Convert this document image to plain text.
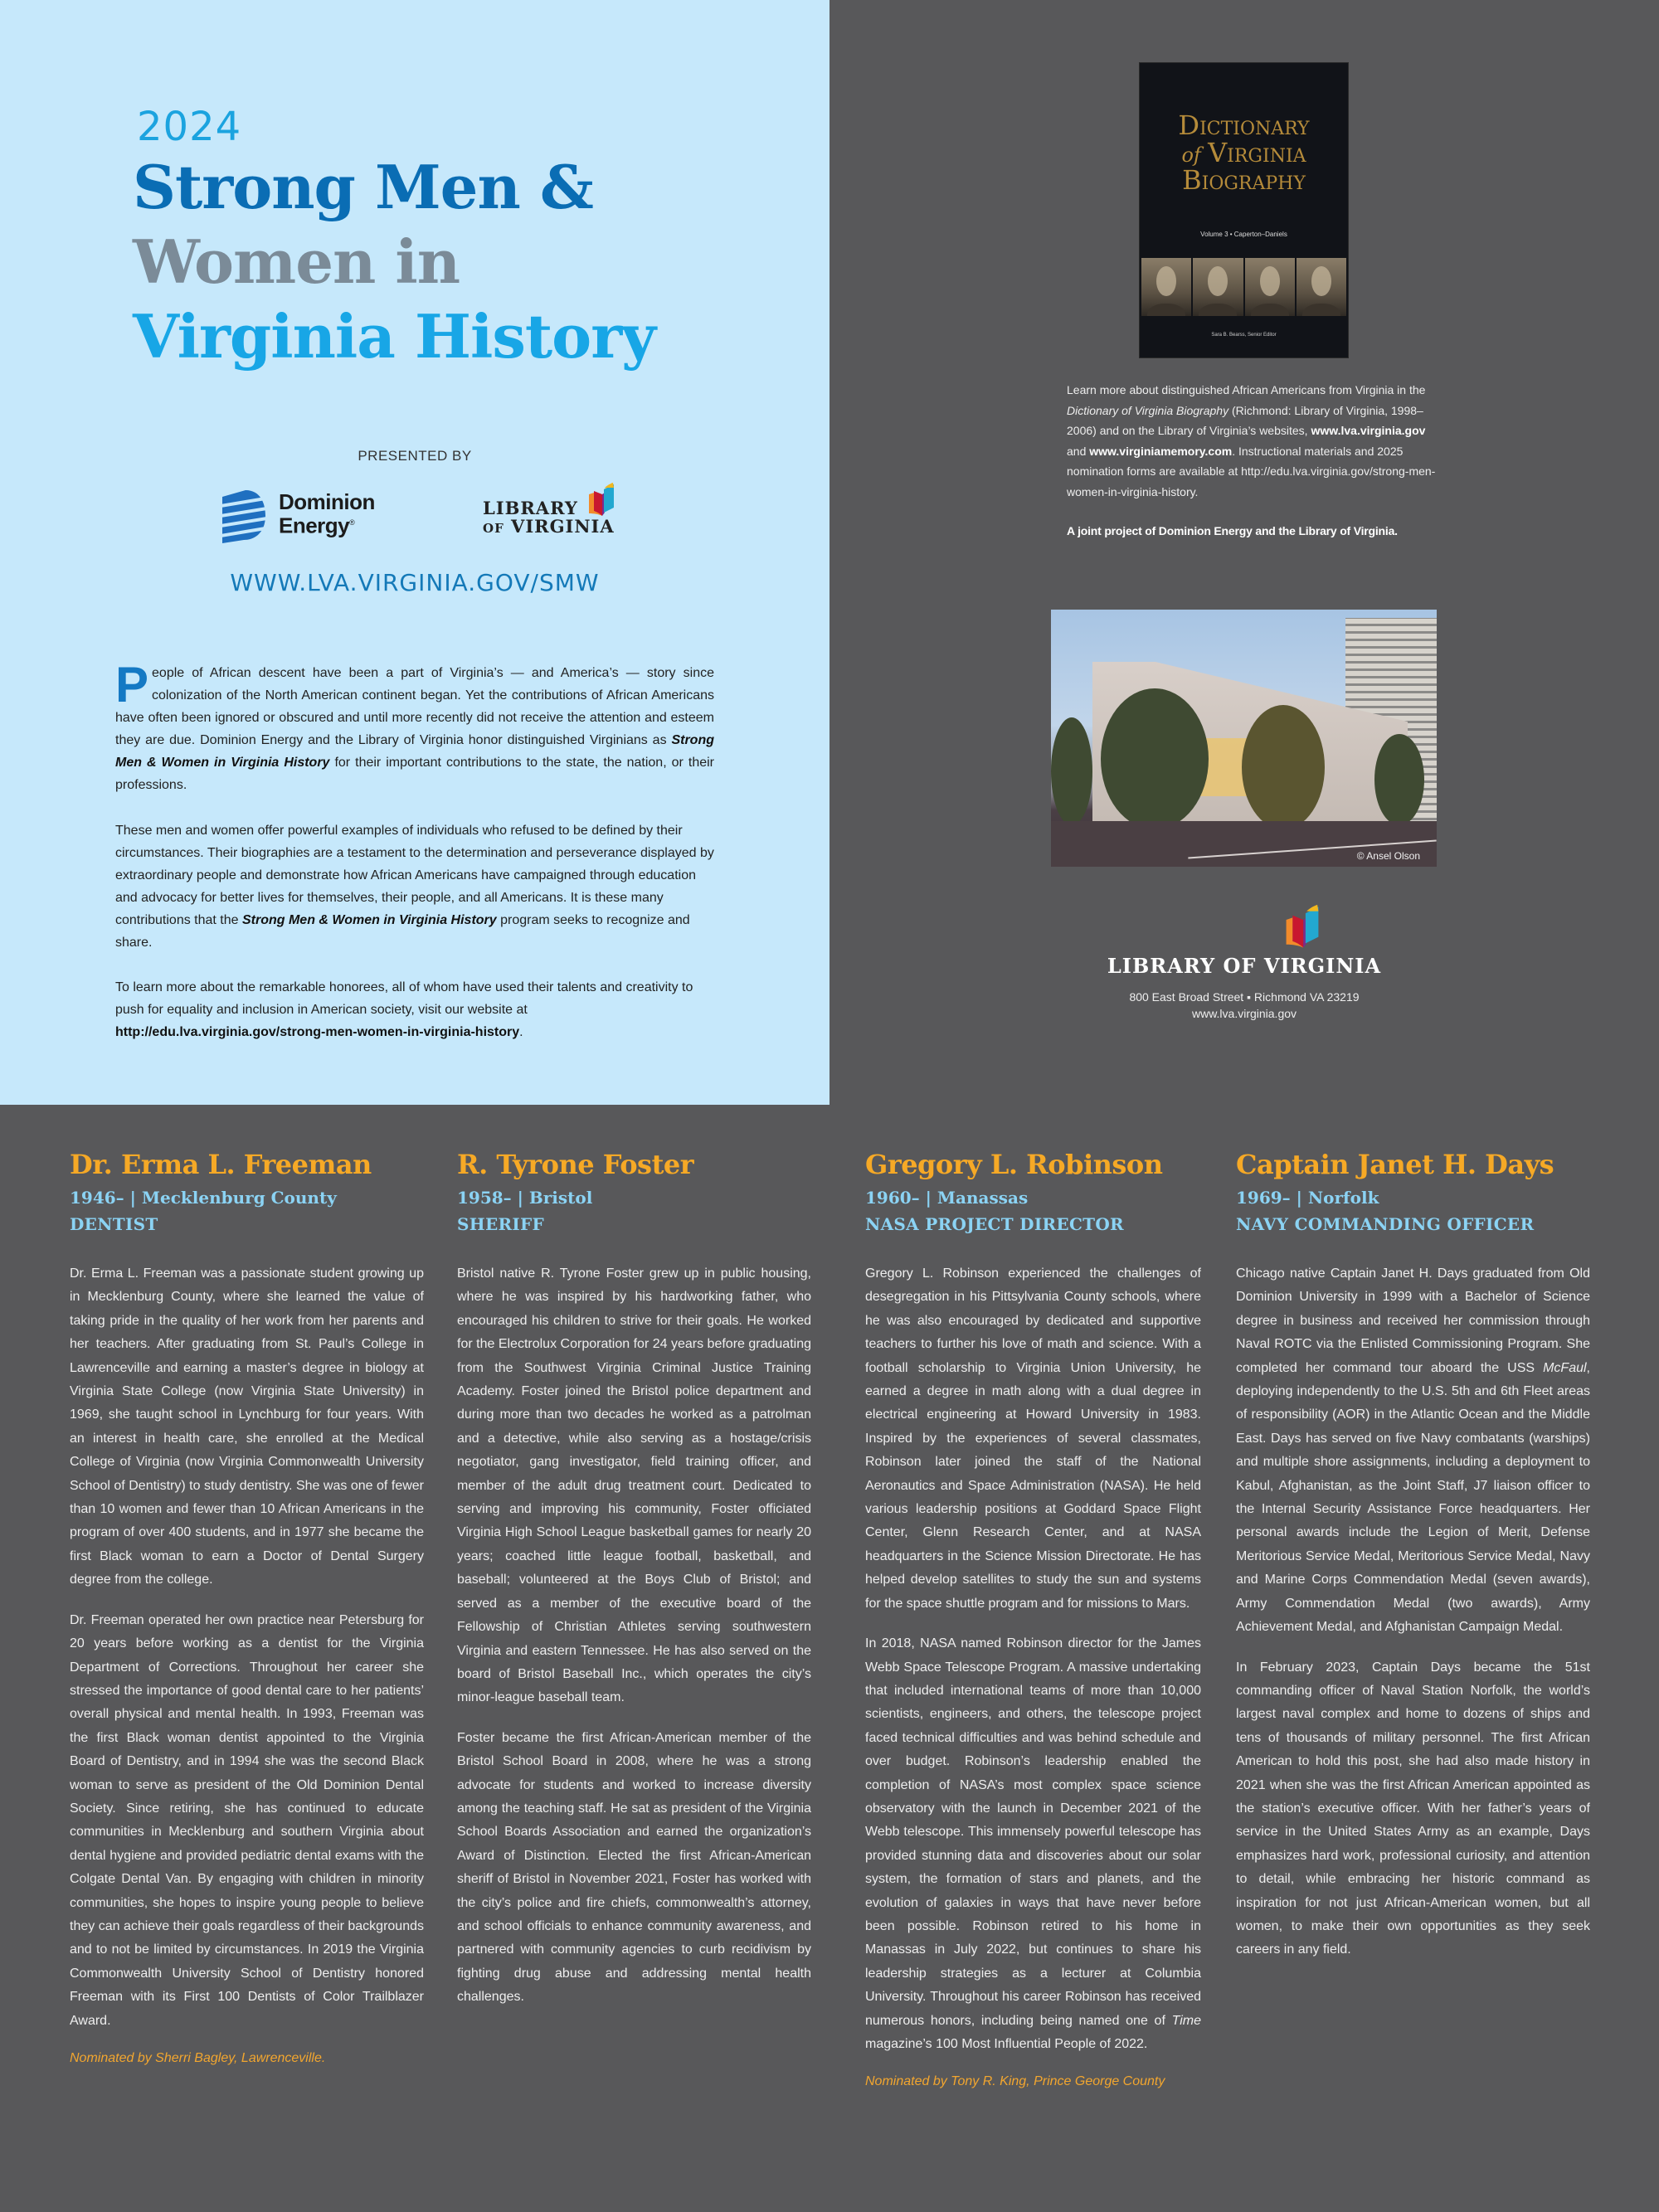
2024
Strong Men &
Women in
Virginia History
PRESENTED BY
Dominion
Energy®
LIBRARY
OF VIRGINIA
WWW.LVA.VIRGINIA.GOV/SMW
People of African descent have been a part of Virginia’s — and America’s — story since colonization of the North American continent began. Yet the contributions of African Americans have often been ignored or obscured and until more recently did not receive the attention and esteem they are due. Dominion Energy and the Library of Virginia honor distinguished Virginians as Strong Men & Women in Virginia History for their important contributions to the state, the nation, or their professions.

These men and women offer powerful examples of individuals who refused to be defined by their circumstances. Their biographies are a testament to the determination and perseverance displayed by extraordinary people and demonstrate how African Americans have campaigned through education and advocacy for better lives for themselves, their people, and all Americans. It is these many contributions that the Strong Men & Women in Virginia History program seeks to recognize and share.

To learn more about the remarkable honorees, all of whom have used their talents and creativity to push for equality and inclusion in American society, visit our website at http://edu.lva.virginia.gov/strong-men-women-in-virginia-history.

Dictionary
of Virginia
Biography
Volume 3 • Caperton–Daniels
Sara B. Bearss, Senior Editor
Learn more about distinguished African Americans from Virginia in the Dictionary of Virginia Biography (Richmond: Library of Virginia, 1998–2006) and on the Library of Virginia’s websites, www.lva.virginia.gov and www.virginiamemory.com. Instructional materials and 2025 nomination forms are available at http://edu.lva.virginia.gov/strong-men-women-in-virginia-history.
A joint project of Dominion Energy and the Library of Virginia.
© Ansel Olson
LIBRARY OF VIRGINIA
800 East Broad Street ▪ Richmond VA 23219
www.lva.virginia.gov
Dr. Erma L. Freeman
1946– | Mecklenburg County
DENTIST

Dr. Erma L. Freeman was a passionate student growing up in Mecklenburg County, where she learned the value of taking pride in the quality of her work from her parents and her teachers. After graduating from St. Paul’s College in Lawrenceville and earning a master’s degree in biology at Virginia State College (now Virginia State University) in 1969, she taught school in Lynchburg for four years. With an interest in health care, she enrolled at the Medical College of Virginia (now Virginia Commonwealth University School of Dentistry) to study dentistry. She was one of fewer than 10 women and fewer than 10 African Americans in the program of over 400 students, and in 1977 she became the first Black woman to earn a Doctor of Dental Surgery degree from the college.

Dr. Freeman operated her own practice near Petersburg for 20 years before working as a dentist for the Virginia Department of Corrections. Throughout her career she stressed the importance of good dental care to her patients’ overall physical and mental health. In 1993, Freeman was the first Black woman dentist appointed to the Virginia Board of Dentistry, and in 1994 she was the second Black woman to serve as president of the Old Dominion Dental Society. Since retiring, she has continued to educate communities in Mecklenburg and southern Virginia about dental hygiene and provided pediatric dental exams with the Colgate Dental Van. By engaging with children in minority communities, she hopes to inspire young people to believe they can achieve their goals regardless of their backgrounds and to not be limited by circumstances. In 2019 the Virginia Commonwealth University School of Dentistry honored Freeman with its First 100 Dentists of Color Trailblazer Award.

Nominated by Sherri Bagley, Lawrenceville.
R. Tyrone Foster
1958– | Bristol
SHERIFF

Bristol native R. Tyrone Foster grew up in public housing, where he was inspired by his hardworking father, who encouraged his children to strive for their goals. He worked for the Electrolux Corporation for 24 years before graduating from the Southwest Virginia Criminal Justice Training Academy. Foster joined the Bristol police department and during more than two decades he worked as a patrolman and a detective, while also serving as a hostage/crisis negotiator, gang investigator, field training officer, and member of the adult drug treatment court. Dedicated to serving and improving his community, Foster officiated Virginia High School League basketball games for nearly 20 years; coached little league football, basketball, and baseball; volunteered at the Boys Club of Bristol; and served as a member of the executive board of the Fellowship of Christian Athletes serving southwestern Virginia and eastern Tennessee. He has also served on the board of Bristol Baseball Inc., which operates the city’s minor-league baseball team.

Foster became the first African-American member of the Bristol School Board in 2008, where he was a strong advocate for students and worked to increase diversity among the teaching staff. He sat as president of the Virginia School Boards Association and earned the organization’s Award of Distinction. Elected the first African-American sheriff of Bristol in November 2021, Foster has worked with the city’s police and fire chiefs, commonwealth’s attorney, and school officials to enhance community awareness, and partnered with community agencies to curb recidivism by fighting drug abuse and addressing mental health challenges.

Gregory L. Robinson
1960– | Manassas
NASA PROJECT DIRECTOR

Gregory L. Robinson experienced the challenges of desegregation in his Pittsylvania County schools, where he was also encouraged by dedicated and supportive teachers to further his love of math and science. With a football scholarship to Virginia Union University, he earned a degree in math along with a dual degree in electrical engineering at Howard University in 1983. Inspired by the experiences of several classmates, Robinson later joined the staff of the National Aeronautics and Space Administration (NASA). He held various leadership positions at Goddard Space Flight Center, Glenn Research Center, and at NASA headquarters in the Science Mission Directorate. He has helped develop satellites to study the sun and systems for the space shuttle program and for missions to Mars.

In 2018, NASA named Robinson director for the James Webb Space Telescope Program. A massive undertaking that included international teams of more than 10,000 scientists, engineers, and others, the telescope project faced technical difficulties and was behind schedule and over budget. Robinson’s leadership enabled the completion of NASA’s most complex space science observatory with the launch in December 2021 of the Webb telescope. This immensely powerful telescope has provided stunning data and discoveries about our solar system, the formation of stars and planets, and the evolution of galaxies in ways that have never before been possible. Robinson retired to his home in Manassas in July 2022, but continues to share his leadership strategies as a lecturer at Columbia University. Throughout his career Robinson has received numerous honors, including being named one of Time magazine’s 100 Most Influential People of 2022.

Nominated by Tony R. King, Prince George County
Captain Janet H. Days
1969– | Norfolk
NAVY COMMANDING OFFICER

Chicago native Captain Janet H. Days graduated from Old Dominion University in 1999 with a Bachelor of Science degree in business and received her commission through Naval ROTC via the Enlisted Commissioning Program. She completed her command tour aboard the USS McFaul, deploying independently to the U.S. 5th and 6th Fleet areas of responsibility (AOR) in the Atlantic Ocean and the Middle East. Days has served on five Navy combatants (warships) and multiple shore assignments, including a deployment to Kabul, Afghanistan, as the Joint Staff, J7 liaison officer to the Internal Security Assistance Force headquarters. Her personal awards include the Legion of Merit, Defense Meritorious Service Medal, Meritorious Service Medal, Navy and Marine Corps Commendation Medal (seven awards), Army Commendation Medal (two awards), Army Achievement Medal, and Afghanistan Campaign Medal.

In February 2023, Captain Days became the 51st commanding officer of Naval Station Norfolk, the world’s largest naval complex and home to dozens of ships and tens of thousands of military personnel. The first African American to hold this post, she had also made history in 2021 when she was the first African American appointed as the station’s executive officer. With her father’s years of service in the United States Army as an example, Days emphasizes hard work, professional curiosity, and attention to detail, while embracing her historic command as inspiration for not just African-American women, but all women, to make their own opportunities as they seek careers in any field.
